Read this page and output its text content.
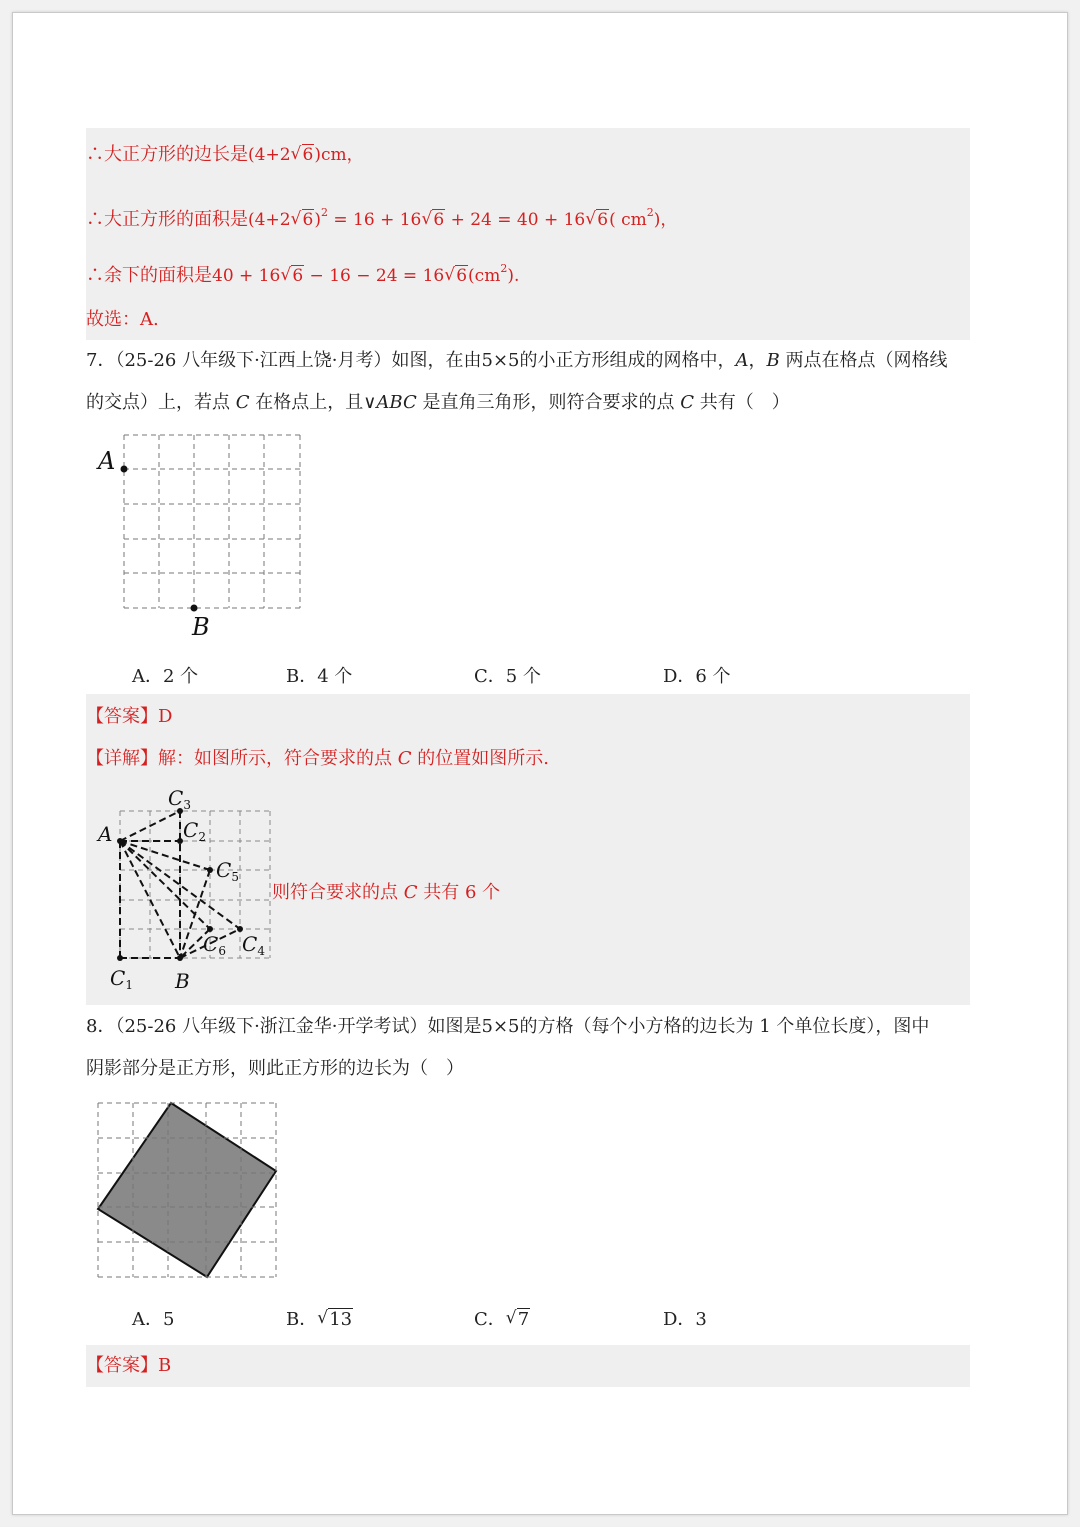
∴大正方形的边长是(4+2 √ 6)cm，
∴大正方形的面积是(4+2 √ 6)$^2$ = 16 + 16 √ 6 + 24 = 40 + 16 √ 6( $cm^2$)，
∴余下的面积是40 + 16 √ 6 − 16 − 24 = 16 √ $6(cm^2)$.
故选：A.
7．（25-26 八年级下·江西上饶·月考）如图，在由5×5的小正方形组成的网格中，A，B 两点在格点（网格线
的交点）上，若点 C 在格点上，且∨ABC 是直角三角形，则符合要求的点 C 共有（　）
A
B
A．2 个	B．4 个	C．5 个	D．6 个
【答案】D
【详解】解：如图所示，符合要求的点 C 的位置如图所示.
A
B
$C_1$
$C_2$
$C_3$
$C_4$
$C_5$
$C_6$
则符合要求的点 C 共有 6 个
8．（25-26 八年级下·浙江金华·开学考试）如图是5×5的方格（每个小方格的边长为 1 个单位长度），图中
阴影部分是正方形，则此正方形的边长为（　）
A．5	B． √ 13	C． √ 7	D．3
【答案】B
